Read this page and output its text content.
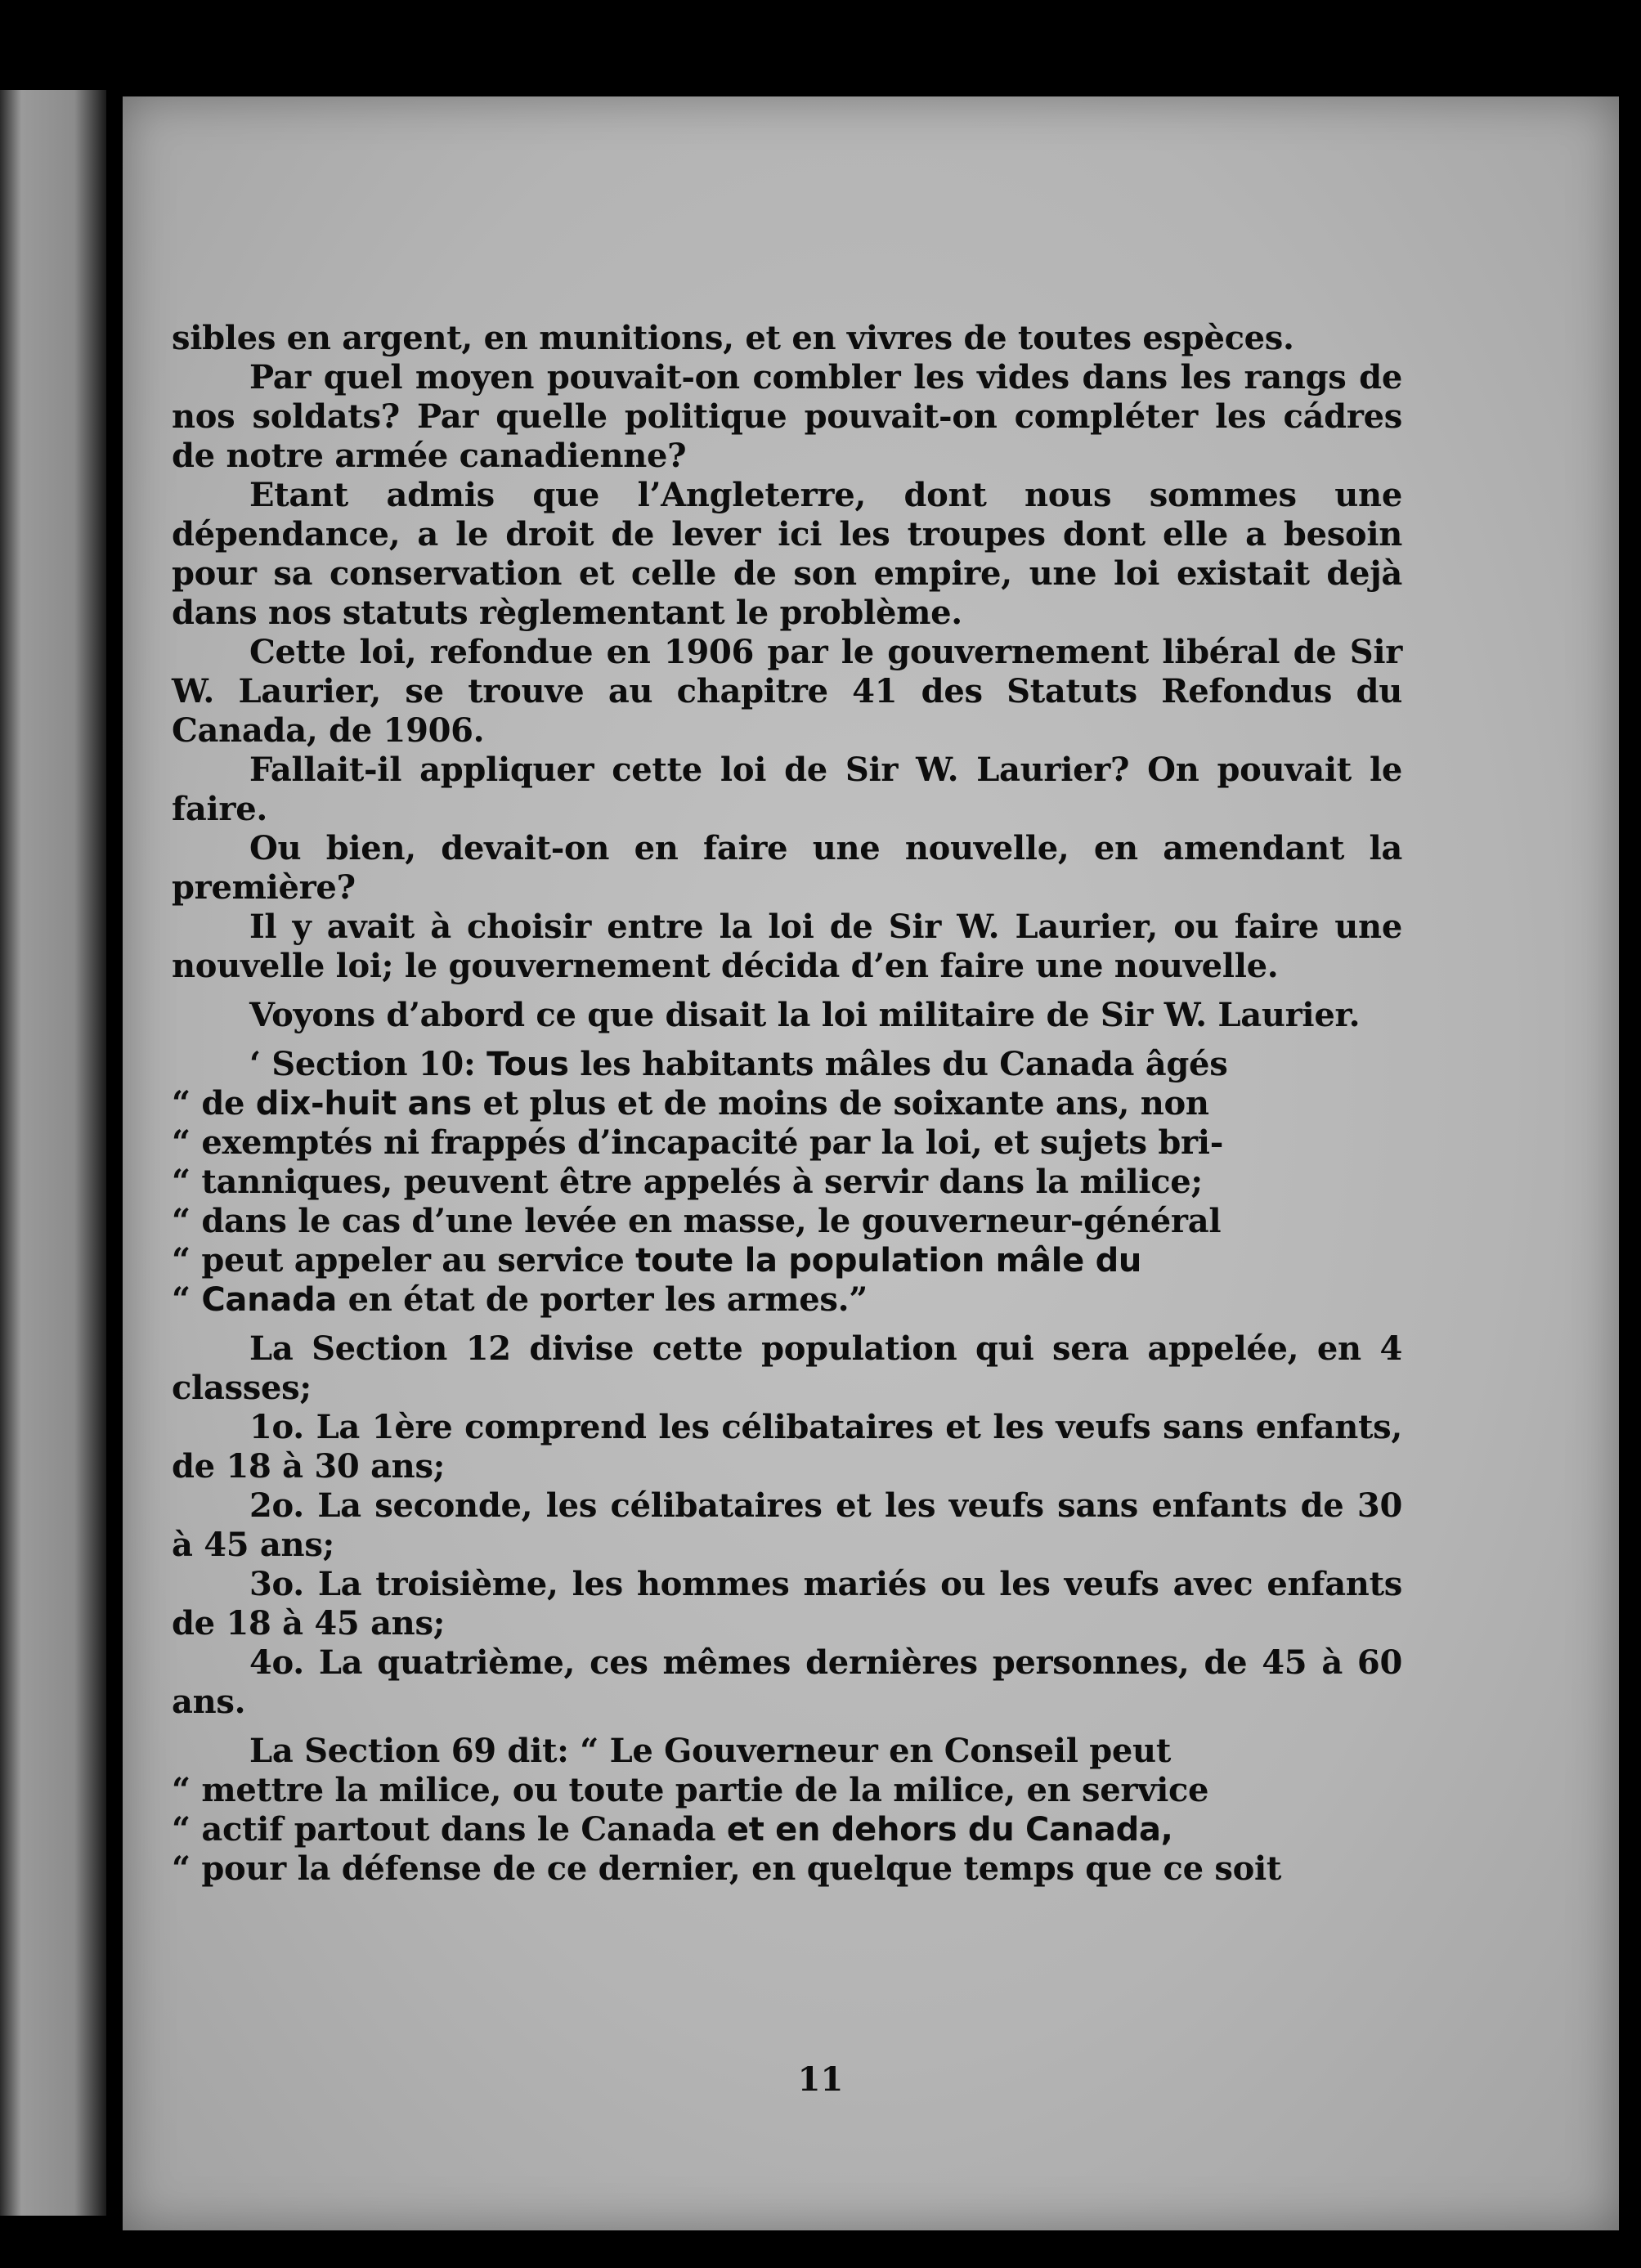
sibles en argent, en munitions, et en vivres de toutes espèces.

Par quel moyen pouvait-on combler les vides dans les rangs de nos soldats? Par quelle politique pouvait-on compléter les cádres de notre armée canadienne?

Etant admis que l’Angleterre, dont nous sommes une dépendance, a le droit de lever ici les troupes dont elle a besoin pour sa conservation et celle de son empire, une loi existait dejà dans nos statuts règlementant le problème.

Cette loi, refondue en 1906 par le gouvernement libéral de Sir W. Laurier, se trouve au chapitre 41 des Statuts Refondus du Canada, de 1906.

Fallait-il appliquer cette loi de Sir W. Laurier? On pouvait le faire.

Ou bien, devait-on en faire une nouvelle, en amendant la première?

Il y avait à choisir entre la loi de Sir W. Laurier, ou faire une nouvelle loi; le gouvernement décida d’en faire une nouvelle.

Voyons d’abord ce que disait la loi militaire de Sir W. Laurier.

‘ Section 10: Tous les habitants mâles du Canada âgés
“ de dix-huit ans et plus et de moins de soixante ans, non
“ exemptés ni frappés d’incapacité par la loi, et sujets bri-
“ tanniques, peuvent être appelés à servir dans la milice;
“ dans le cas d’une levée en masse, le gouverneur-général
“ peut appeler au service toute la population mâle du
“ Canada en état de porter les armes.”

La Section 12 divise cette population qui sera appelée, en 4 classes;

1o. La 1ère comprend les célibataires et les veufs sans enfants, de 18 à 30 ans;

2o. La seconde, les célibataires et les veufs sans enfants de 30 à 45 ans;

3o. La troisième, les hommes mariés ou les veufs avec enfants de 18 à 45 ans;

4o. La quatrième, ces mêmes dernières personnes, de 45 à 60 ans.

La Section 69 dit: “ Le Gouverneur en Conseil peut
“ mettre la milice, ou toute partie de la milice, en service
“ actif partout dans le Canada et en dehors du Canada,
“ pour la défense de ce dernier, en quelque temps que ce soit

11
